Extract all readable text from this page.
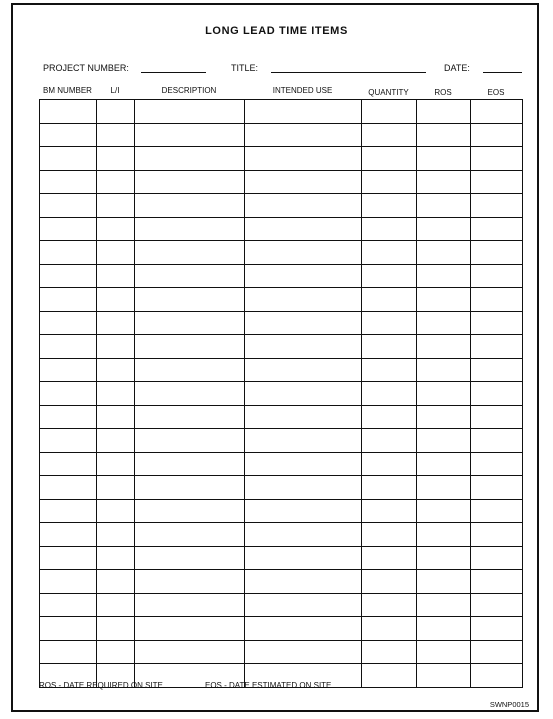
LONG LEAD TIME ITEMS
PROJECT NUMBER:	TITLE:	DATE:
BM NUMBER	L/I	DESCRIPTION	INTENDED USE	QUANTITY	ROS	EOS

ROS - DATE REQUIRED ON SITE	EOS - DATE ESTIMATED ON SITE
SWNP0015
